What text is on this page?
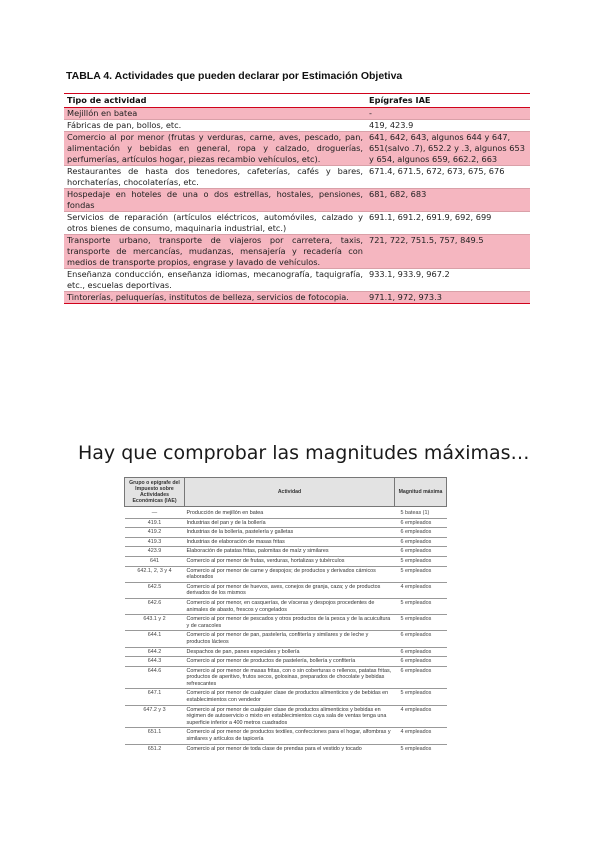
TABLA 4. Actividades que pueden declarar por Estimación Objetiva
Tipo de actividad	Epígrafes IAE
Mejillón en batea	-
Fábricas de pan, bollos, etc.	419, 423.9
Comercio al por menor (frutas y verduras, carne, aves, pescado, pan, alimentación y bebidas en general, ropa y calzado, droguerías, perfumerías, artículos hogar, piezas recambio vehículos, etc).	641, 642, 643, algunos 644 y 647, 651(salvo .7), 652.2 y .3, algunos 653 y 654, algunos 659, 662.2, 663
Restaurantes de hasta dos tenedores, cafeterías, cafés y bares, horchaterías, chocolaterías, etc.	671.4, 671.5, 672, 673, 675, 676
Hospedaje en hoteles de una o dos estrellas, hostales, pensiones, fondas	681, 682, 683
Servicios de reparación (artículos eléctricos, automóviles, calzado y otros bienes de consumo, maquinaria industrial, etc.)	691.1, 691.2, 691.9, 692, 699
Transporte urbano, transporte de viajeros por carretera, taxis, transporte de mercancías, mudanzas, mensajería y recadería con medios de transporte propios, engrase y lavado de vehículos.	721, 722, 751.5, 757, 849.5
Enseñanza conducción, enseñanza idiomas, mecanografía, taquigrafía, etc., escuelas deportivas.	933.1, 933.9, 967.2
Tintorerías, peluquerías, institutos de belleza, servicios de fotocopia.	971.1, 972, 973.3
Hay que comprobar las magnitudes máximas…
Grupo o epígrafe del Impuesto sobre Actividades Económicas (IAE)	Actividad	Magnitud máxima

—	Producción de mejillón en batea	5 bateas (1)
419.1	Industrias del pan y de la bollería	6 empleados
419.2	Industrias de la bollería, pastelería y galletas	6 empleados
419.3	Industrias de elaboración de masas fritas	6 empleados
423.9	Elaboración de patatas fritas, palomitas de maíz y similares	6 empleados
641	Comercio al por menor de frutas, verduras, hortalizas y tubérculos	5 empleados
642.1, 2, 3 y 4	Comercio al por menor de carne y despojos; de productos y derivados cárnicos elaborados	5 empleados
642.5	Comercio al por menor de huevos, aves, conejos de granja, caza; y de productos derivados de los mismos	4 empleados
642.6	Comercio al por menor, en casquerías, de vísceras y despojos procedentes de animales de abasto, frescos y congelados	5 empleados
643.1 y 2	Comercio al por menor de pescados y otros productos de la pesca y de la acuicultura y de caracoles	5 empleados
644.1	Comercio al por menor de pan, pastelería, confitería y similares y de leche y productos lácteos	6 empleados
644.2	Despachos de pan, panes especiales y bollería	6 empleados
644.3	Comercio al por menor de productos de pastelería, bollería y confitería	6 empleados
644.6	Comercio al por menor de masas fritas, con o sin coberturas o rellenos, patatas fritas, productos de aperitivo, frutos secos, golosinas, preparados de chocolate y bebidas refrescantes	6 empleados
647.1	Comercio al por menor de cualquier clase de productos alimenticios y de bebidas en establecimientos con vendedor	5 empleados
647.2 y 3	Comercio al por menor de cualquier clase de productos alimenticios y bebidas en régimen de autoservicio o mixto en establecimientos cuya sala de ventas tenga una superficie inferior a 400 metros cuadrados	4 empleados
651.1	Comercio al por menor de productos textiles, confecciones para el hogar, alfombras y similares y artículos de tapicería	4 empleados
651.2	Comercio al por menor de toda clase de prendas para el vestido y tocado	5 empleados
